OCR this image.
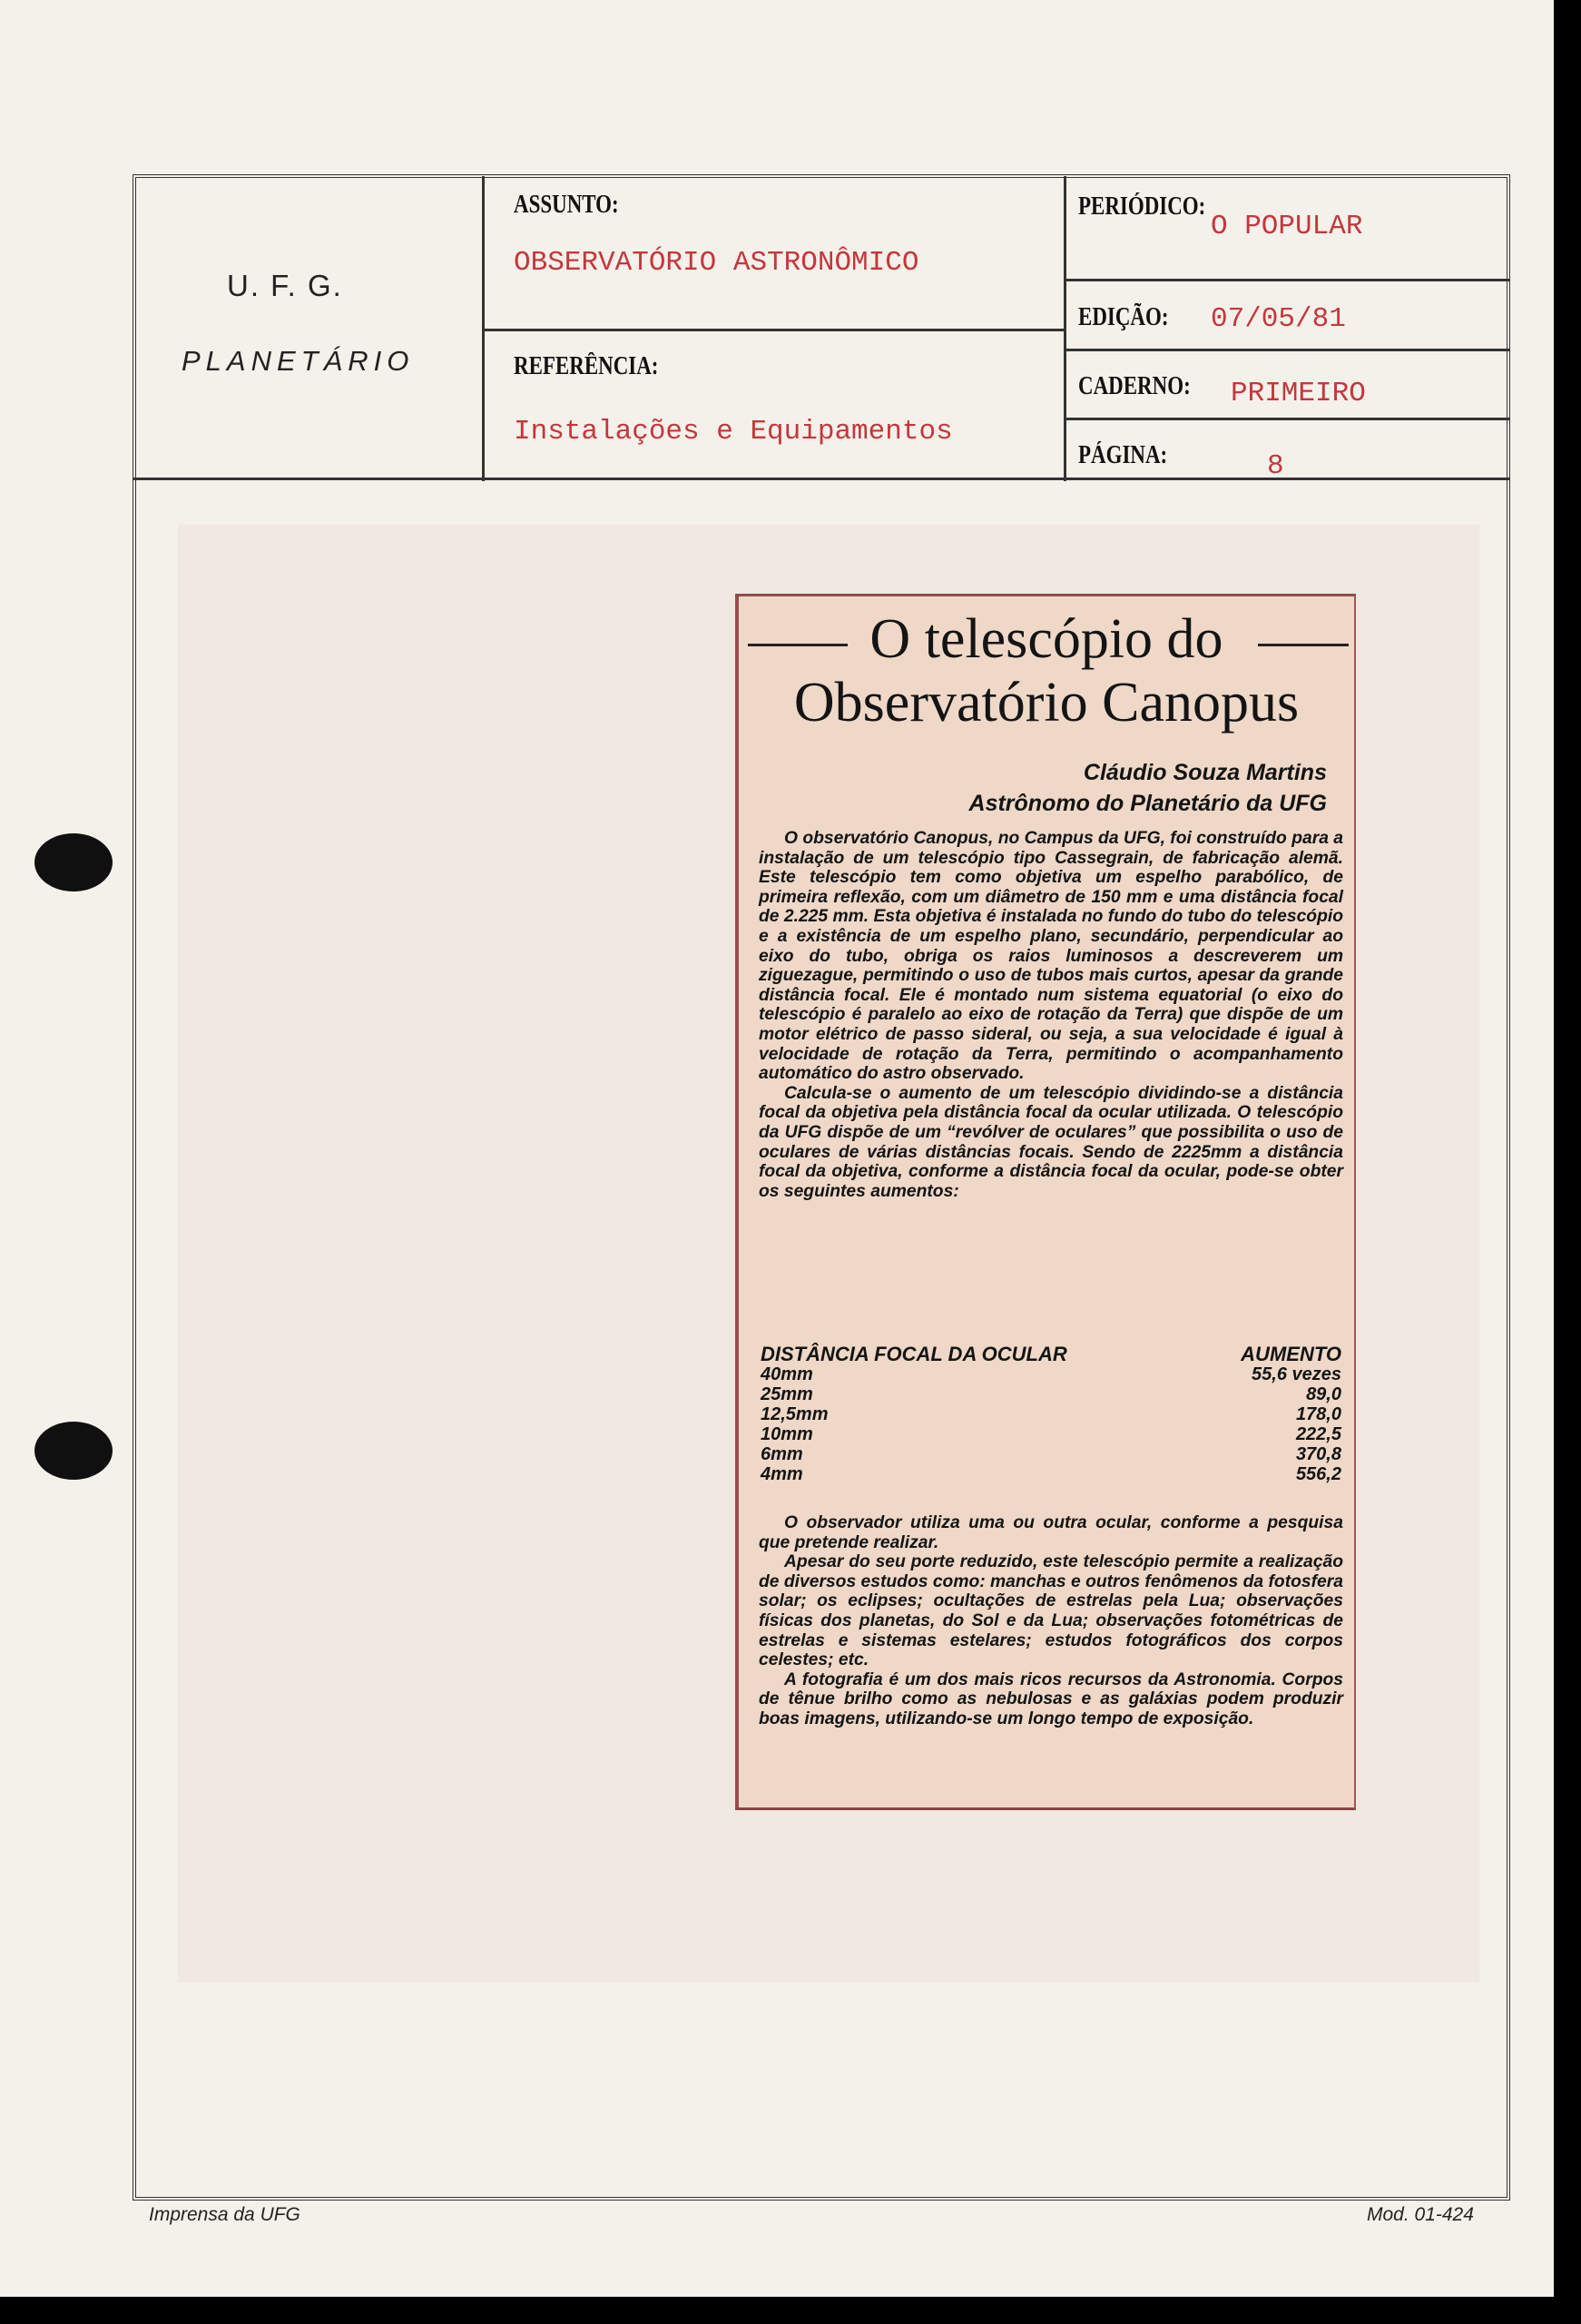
U. F. G.
PLANETÁRIO
ASSUNTO:
OBSERVATÓRIO ASTRONÔMICO
REFERÊNCIA:
Instalações e Equipamentos
PERIÓDICO:
O POPULAR
EDIÇÃO: 07/05/81
CADERNO: PRIMEIRO
PÁGINA:	8
O telescópio do
Observatório Canopus
Cláudio Souza Martins
Astrônomo do Planetário da UFG

O observatório Canopus, no Campus da UFG, foi construído para a instalação de um telescópio tipo Cassegrain, de fabricação alemã. Este telescópio tem como objetiva um espelho parabólico, de primeira reflexão, com um diâmetro de 150 mm e uma distância focal de 2.225 mm. Esta objetiva é instalada no fundo do tubo do telescópio e a existência de um espelho plano, secundário, perpendicular ao eixo do tubo, obriga os raios luminosos a descreverem um ziguezague, permitindo o uso de tubos mais curtos, apesar da grande distância focal. Ele é montado num sistema equatorial (o eixo do telescópio é paralelo ao eixo de rotação da Terra) que dispõe de um motor elétrico de passo sideral, ou seja, a sua velocidade é igual à velocidade de rotação da Terra, permitindo o acompanhamento automático do astro observado.

Calcula-se o aumento de um telescópio dividindo-se a distância focal da objetiva pela distância focal da ocular utilizada. O telescópio da UFG dispõe de um “revólver de oculares” que possibilita o uso de oculares de várias distâncias focais. Sendo de 2225mm a distância focal da objetiva, conforme a distância focal da ocular, pode-se obter os seguintes aumentos:

DISTÂNCIA FOCAL DA OCULAR	AUMENTO
40mm	55,6 vezes
25mm	89,0
12,5mm	178,0
10mm	222,5
6mm	370,8
4mm	556,2

O observador utiliza uma ou outra ocular, conforme a pesquisa que pretende realizar.

Apesar do seu porte reduzido, este telescópio permite a realização de diversos estudos como: manchas e outros fenômenos da fotosfera solar; os eclipses; ocultações de estrelas pela Lua; observações físicas dos planetas, do Sol e da Lua; observações fotométricas de estrelas e sistemas estelares; estudos fotográficos dos corpos celestes; etc.

A fotografia é um dos mais ricos recursos da Astronomia. Corpos de tênue brilho como as nebulosas e as galáxias podem produzir boas imagens, utilizando-se um longo tempo de exposição.

Imprensa da UFG	Mod. 01-424
